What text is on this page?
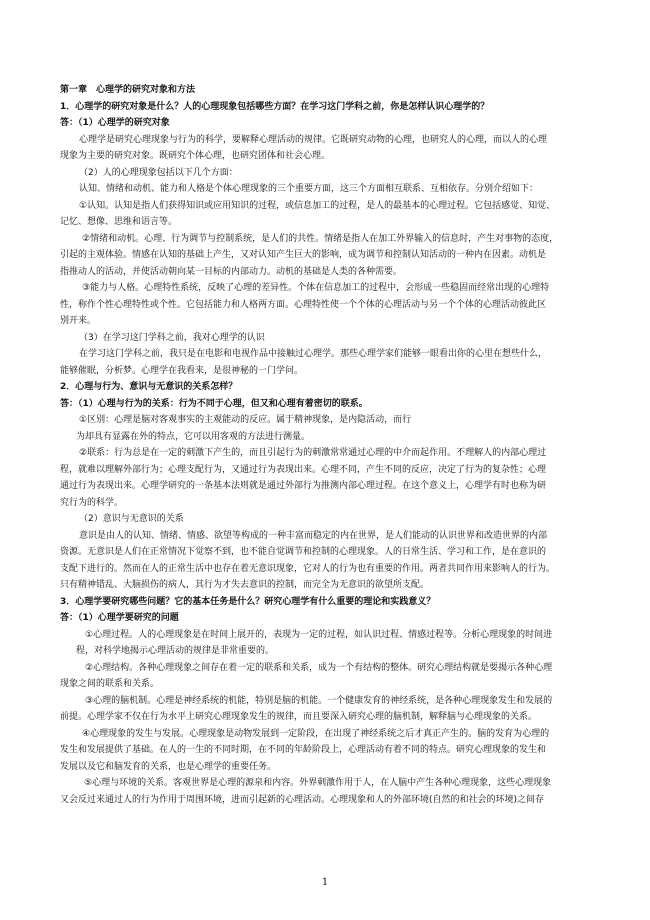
第一章　心理学的研究对象和方法
1．心理学的研究对象是什么？人的心理现象包括哪些方面？在学习这门学科之前，你是怎样认识心理学的？
答：（1）心理学的研究对象
心理学是研究心理现象与行为的科学，要解释心理活动的规律。它既研究动物的心理，也研究人的心理，而以人的心理
现象为主要的研究对象。既研究个体心理，也研究团体和社会心理。
（2）人的心理现象包括以下几个方面：
认知、情绪和动机、能力和人格是个体心理现象的三个重要方面，这三个方面相互联系、互相依存。分别介绍如下：
①认知。认知是指人们获得知识或应用知识的过程，或信息加工的过程，是人的最基本的心理过程。它包括感觉、知觉、
记忆、想像、思维和语言等。
②情绪和动机。心理、行为调节与控制系统，是人们的共性。情绪是指人在加工外界输入的信息时，产生对事物的态度，
引起的主观体验。情感在认知的基础上产生，又对认知产生巨大的影响，成为调节和控制认知活动的一种内在因素。动机是
指推动人的活动，并使活动朝向某一目标的内部动力。动机的基础是人类的各种需要。
③能力与人格。心理特性系统，反映了心理的差异性。个体在信息加工的过程中，会形成一些稳固而经常出现的心理特
性，称作个性心理特性或个性。它包括能力和人格两方面。心理特性使一个个体的心理活动与另一个个体的心理活动彼此区
别开来。
（3）在学习这门学科之前，我对心理学的认识
在学习这门学科之前，我只是在电影和电视作品中接触过心理学。那些心理学家们能够一眼看出你的心里在想些什么，
能够催眠，分析梦。心理学在我看来，是很神秘的一门学问。
2．心理与行为、意识与无意识的关系怎样？
答：（1）心理与行为的关系：行为不同于心理，但又和心理有着密切的联系。
①区别：心理是脑对客观事实的主观能动的反应。属于精神现象，是内隐活动，而行
为却具有显露在外的特点，它可以用客观的方法进行测量。
②联系：行为总是在一定的刺激下产生的，而且引起行为的刺激常常通过心理的中介而起作用。不理解人的内部心理过
程，就难以理解外部行为；心理支配行为，又通过行为表现出来。心理不同，产生不同的反应，决定了行为的复杂性；心理
通过行为表现出来。心理学研究的一条基本法则就是通过外部行为推测内部心理过程。在这个意义上，心理学有时也称为研
究行为的科学。
（2）意识与无意识的关系
意识是由人的认知、情绪、情感、欲望等构成的一种丰富而稳定的内在世界，是人们能动的认识世界和改造世界的内部
资源。无意识是人们在正常情况下觉察不到，也不能自觉调节和控制的心理现象。人的日常生活、学习和工作，是在意识的
支配下进行的。然而在人的正常生活中也存在着无意识现象，它对人的行为也有重要的作用。两者共同作用来影响人的行为。
只有精神错乱、大脑损伤的病人，其行为才失去意识的控制，而完全为无意识的欲望所支配。
3．心理学要研究哪些问题？它的基本任务是什么？研究心理学有什么重要的理论和实践意义？
答：（1）心理学要研究的问题
①心理过程。人的心理现象是在时间上展开的，表现为一定的过程，如认识过程、情感过程等。分析心理现象的时间进
程，对科学地揭示心理活动的规律是非常重要的。
②心理结构。各种心理现象之间存在着一定的联系和关系，成为一个有结构的整体。研究心理结构就是要揭示各种心理
现象之间的联系和关系。
③心理的脑机制。心理是神经系统的机能，特别是脑的机能。一个健康发育的神经系统，是各种心理现象发生和发展的
前提。心理学家不仅在行为水平上研究心理现象发生的规律，而且要深入研究心理的脑机制，解释脑与心理现象的关系。
④心理现象的发生与发展。心理现象是动物发展到一定阶段，在出现了神经系统之后才真正产生的。脑的发育为心理的
发生和发展提供了基础。在人的一生的不同时期，在不同的年龄阶段上，心理活动有着不同的特点。研究心理现象的发生和
发展以及它和脑发育的关系，也是心理学的重要任务。
⑤心理与环境的关系。客观世界是心理的源泉和内容。外界刺激作用于人，在人脑中产生各种心理现象，这些心理现象
又会反过来通过人的行为作用于周围环境，进而引起新的心理活动。心理现象和人的外部环境(自然的和社会的环境)之间存
1
